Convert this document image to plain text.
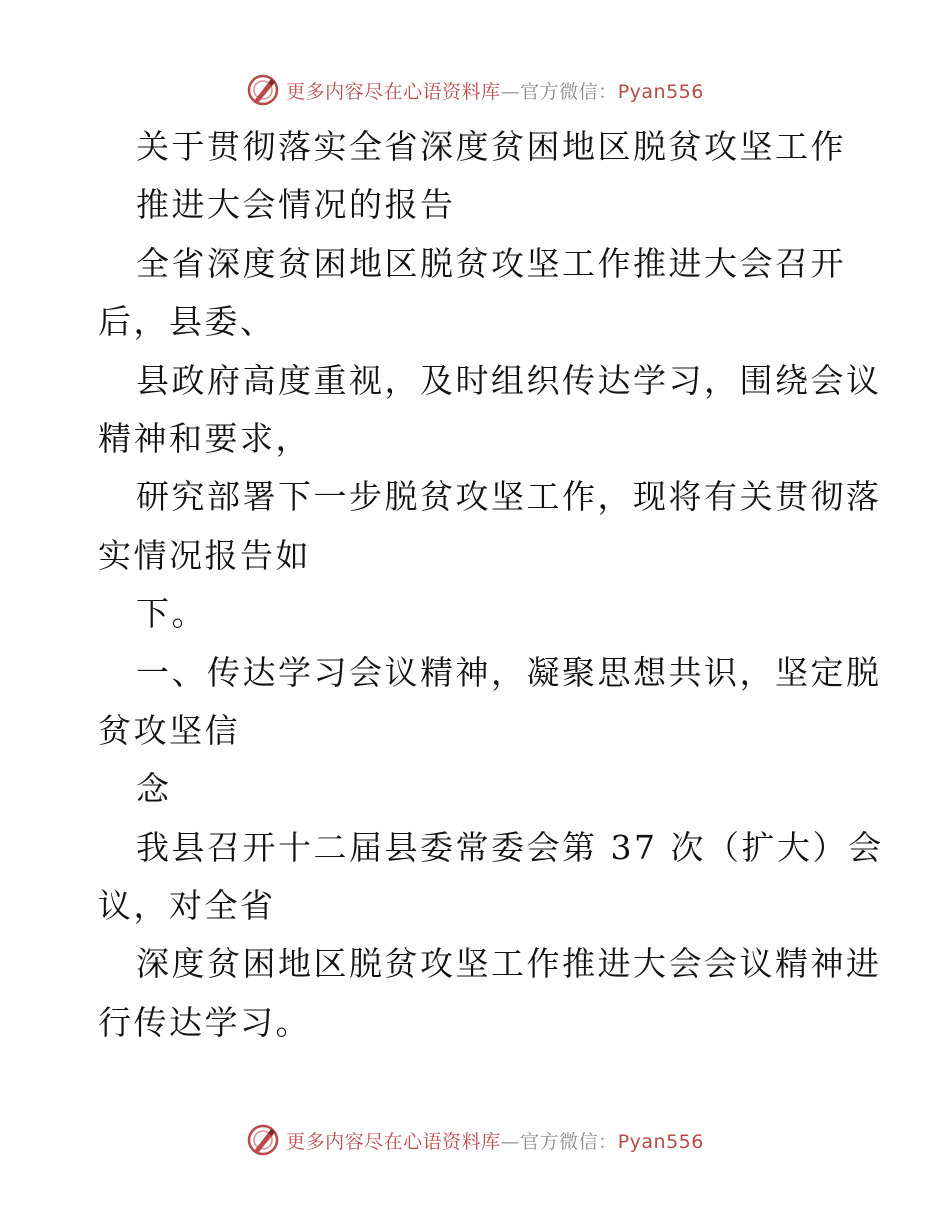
更多内容尽在心语资料库—官方微信：Pyan556
关于贯彻落实全省深度贫困地区脱贫攻坚工作
推进大会情况的报告
全省深度贫困地区脱贫攻坚工作推进大会召开
后，县委、
县政府高度重视，及时组织传达学习，围绕会议
精神和要求，
研究部署下一步脱贫攻坚工作，现将有关贯彻落
实情况报告如
下。
一、传达学习会议精神，凝聚思想共识，坚定脱
贫攻坚信
念
我县召开十二届县委常委会第 37 次（扩大）会
议，对全省
深度贫困地区脱贫攻坚工作推进大会会议精神进
行传达学习。
更多内容尽在心语资料库—官方微信：Pyan556
